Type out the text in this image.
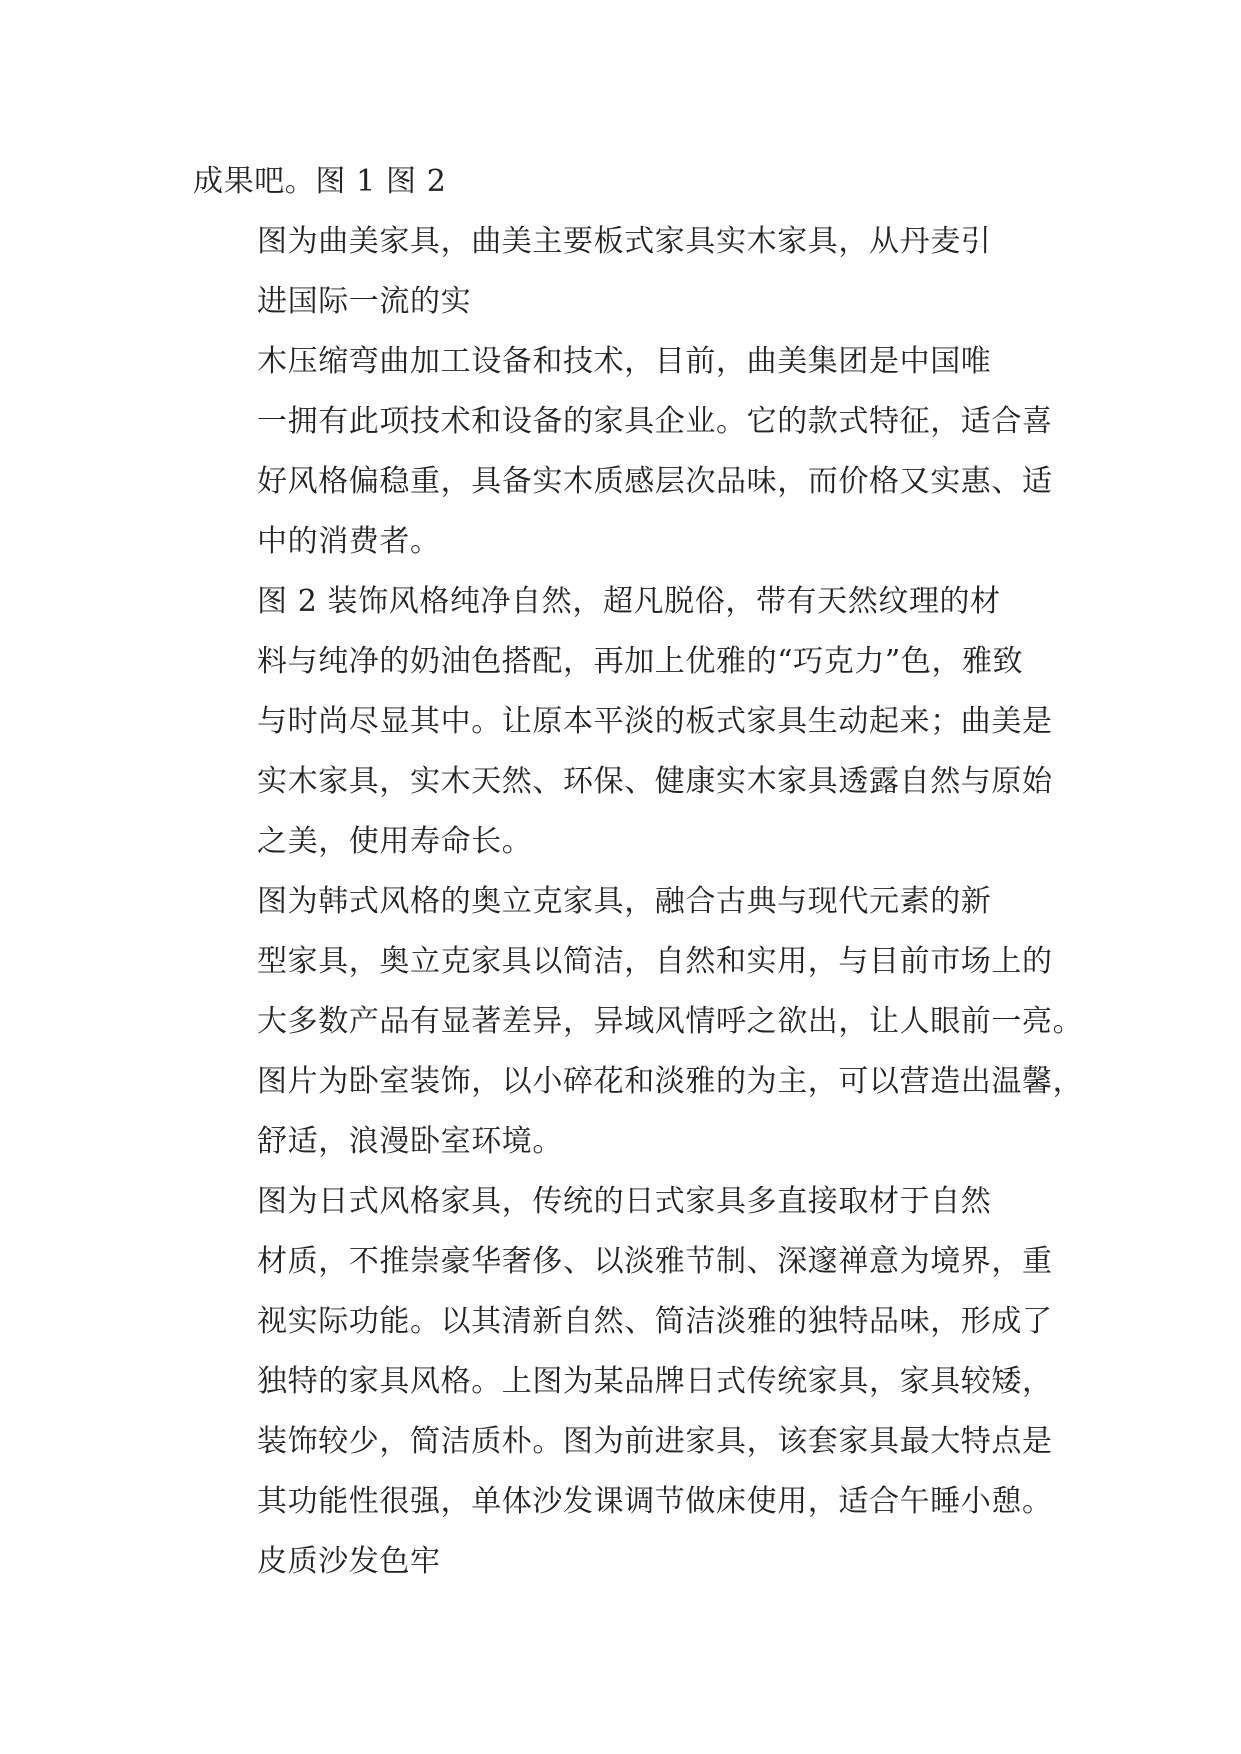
成果吧。图 1 图 2

图为曲美家具，曲美主要板式家具实木家具，从丹麦引
进国际一流的实

木压缩弯曲加工设备和技术，目前，曲美集团是中国唯
一拥有此项技术和设备的家具企业。它的款式特征，适合喜
好风格偏稳重，具备实木质感层次品味，而价格又实惠、适
中的消费者。

图 2 装饰风格纯净自然，超凡脱俗，带有天然纹理的材
料与纯净的奶油色搭配，再加上优雅的“巧克力”色，雅致
与时尚尽显其中。让原本平淡的板式家具生动起来；曲美是
实木家具，实木天然、环保、健康实木家具透露自然与原始
之美，使用寿命长。

图为韩式风格的奥立克家具，融合古典与现代元素的新
型家具，奥立克家具以简洁，自然和实用，与目前市场上的
大多数产品有显著差异，异域风情呼之欲出，让人眼前一亮。
图片为卧室装饰，以小碎花和淡雅的为主，可以营造出温馨，
舒适，浪漫卧室环境。

图为日式风格家具，传统的日式家具多直接取材于自然
材质，不推崇豪华奢侈、以淡雅节制、深邃禅意为境界，重
视实际功能。以其清新自然、简洁淡雅的独特品味，形成了
独特的家具风格。上图为某品牌日式传统家具，家具较矮，
装饰较少，简洁质朴。图为前进家具，该套家具最大特点是
其功能性很强，单体沙发课调节做床使用，适合午睡小憩。
皮质沙发色牢
